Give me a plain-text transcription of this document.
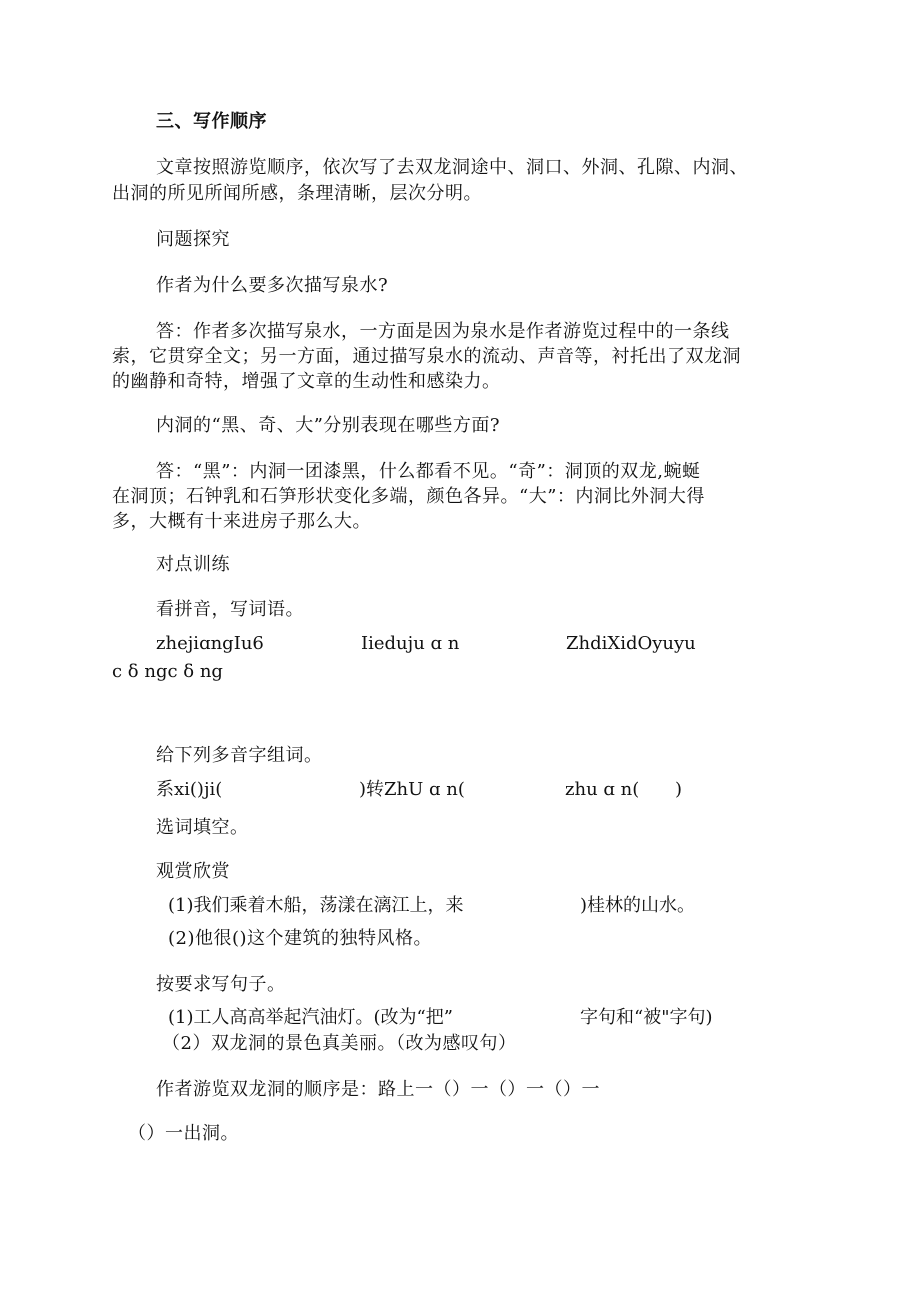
三、写作顺序
文章按照游览顺序，依次写了去双龙洞途中、洞口、外洞、孔隙、内洞、
出洞的所见所闻所感，条理清晰，层次分明。
问题探究
作者为什么要多次描写泉水?
答：作者多次描写泉水，一方面是因为泉水是作者游览过程中的一条线
索，它贯穿全文；另一方面，通过描写泉水的流动、声音等，衬托出了双龙洞
的幽静和奇特，增强了文章的生动性和感染力。
内洞的“黑、奇、大”分别表现在哪些方面?
答：“黑”：内洞一团漆黑，什么都看不见。“奇”：洞顶的双龙,蜿蜒
在洞顶；石钟乳和石笋形状变化多端，颜色各异。“大”：内洞比外洞大得
多，大概有十来进房子那么大。
对点训练
看拼音，写词语。
zhejiɑngIu6	Iieduju ɑ n	ZhdiXidOyuyu
c δ ngc δ ng
给下列多音字组词。
系xi()ji(	)转ZhU ɑ n(	zhu ɑ n( )
选词填空。
观赏欣赏
(1)我们乘着木船，荡漾在漓江上，来	)桂林的山水。
(2)他很()这个建筑的独特风格。
按要求写句子。
(1)工人高高举起汽油灯。(改为“把”	字句和“被"字句)
（2）双龙洞的景色真美丽。（改为感叹句）
作者游览双龙洞的顺序是：路上一（）一（）一（）一
（）一出洞。
